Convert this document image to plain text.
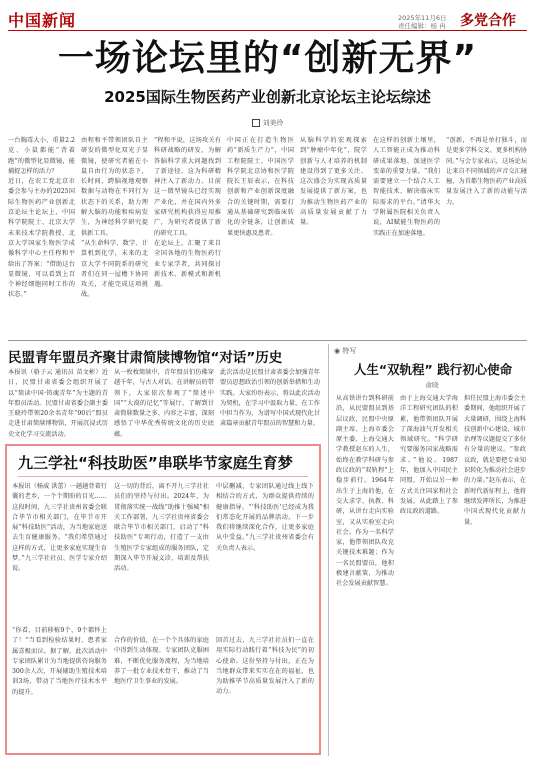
中国新闻	2025年11月6日
责任编辑：杨 冉 多党合作
一场论坛里的“创新无界”
2025国际生物医药产业创新北京论坛主论坛综述
刘美伶
一台胸毒大小、重量2.2克、小鼠都能“背着跑”的微型化显微镜，能捕捉怎样的活力？
近日，在农工党北京市委会参与主办的2025国际生物医药产业创新北京论坛主论坛上，中国科学院院士、北京大学未来技术学院教授、北京大学国家生物医学成像科学中心主任程和平给出了答案：“借助这台显微镜，可以看到上百个神经细胞同时工作的状态。”
由程和平带领团队自主研发的微型化双光子显微镜，使研究者能在小鼠自由行为的状态下，长时间、跨脑视地观察数据与动物在不同行为状态下的关系，助力理解大脑的功能和疾病发生，为神经科学研究提供新工具。
“从生命科学、数学、计算机到化学，未来的北京大学不同院系的研究者们在同一屋檐下协同攻关，才能完成这项挑战。
”程和平说，这场攻关有科研战略的研发，为解答脑科学重大问题找到了新途径，这为科研精神注入了新动力。目前这一微型镜头已经实现产业化，并在国内外多家研究机构获得应用推广，为研究者提供了新的研究工具。
在论坛上，汇聚了来自全国各地的生物医药行业专家学者，共同探讨新技术、新模式和新机遇。
中国正在打造生物医药“新质生产力”，中国工程院院士、中国医学科学院北京协和医学院院长王辰表示，在科技创新和产业创新深度融合的关键时期，需要打通从基础研究到临床转化的全链条，让创新成果更快惠及患者。
从脑科学的宏观探索到“肿瘤中年化”，院学创新与人才培养的机制建设得到了更多关注。这次盛会为实现高质量发展提供了新方案，也为推动生物医药产业的高质量发展贡献了力量。
在这样的创新土壤里，人工智能正成为推动科研成果落地、加速医学变革的重要力量。“我们需要建立一个结合人工智能技术、解决临床实际需求的平台。”清华大学附属医院相关负责人说，AI赋能生物医药的实践正在加速落地。
“创新，不再是单打独斗，而是更多学科交叉、更多机构协同。”与会专家表示，这场论坛让来自不同领域的声音交汇碰撞，为首都生物医药产业高质量发展注入了新的动能与活力。
民盟青年盟员齐聚甘肃简牍博物馆“对话”历史
本报讯（骆子云 通讯员 苗文彬）近日，民盟甘肃省委会组织开展了以“简读中国·铸魂青年”为主题的青年盟员活动。民盟甘肃省委会副主委王晓玲带领20余名青年“90后”盟员走进甘肃简牍博物馆，开展沉浸式历史文化学习交流活动。
从一枚枚简牍中，青年盟员们仿佛穿越千年，与古人对话。在讲解员的带领下，大家依次参观了“简述中国”“大漠的记忆”等展厅，了解到甘肃简牍数量之多、内容之丰富，深刻感悟了中华优秀传统文化的历史底蕴。
此次活动是民盟甘肃省委会加强青年盟员思想政治引领的创新举措和生动实践。大家纷纷表示，将以此次活动为契机，在学习中汲取力量，在工作中担当作为，为谱写中国式现代化甘肃篇章贡献青年盟员的智慧和力量。
九三学社“科技助医”串联毕节家庭生育梦
本报讯（杨威 洪蕾）一趟趟背着行囊的老乡，一个个期盼的目光……这段时间，九三学社贵州省委会联合毕节市相关部门，在毕节市开展“科技助医”活动，为当地家庭送去生育健康服务。“我们希望通过这样的方式，让更多家庭实现生育梦。”九三学社社员、医学专家介绍说。
“你看，目前移植9个、9个都怀上了！”当看到检验结果时，患者家属喜极而泣。据了解，此次活动中专家团队累计为当地提供咨询服务300余人次，开展辅助生殖技术培训3场，带动了当地医疗技术水平的提升。
这一切的背后，离不开九三学社社员们的坚持与付出。2024年，为贯彻落实统一战线“助推十强城”相关工作部署，九三学社贵州省委会联合毕节市相关部门，启动了“科技助医”专项行动，打造了一支由生殖医学专家组成的服务团队，定期深入毕节开展义诊、培训及帮扶活动。
合作的价值，在一个个具体的家庭中得到生动体现。专家团队克服困难，不断优化服务流程，为当地培养了一批专业技术骨干，推动了当地医疗卫生事业的发展。
中层删减，专家团队通过线上线下相结合的方式，为群众提供持续的健康指导。“‘科技助医’已经成为我们常态化开展的品牌活动，下一步我们将继续深化合作，让更多家庭从中受益。”九三学社贵州省委会有关负责人表示。
回首过去，九三学社社员们一直在用实际行动践行着“科技为民”的初心使命。这份坚持与付出，正在为当地群众带来实实在在的福祉，也为助推毕节高质量发展注入了新的动力。
◉ 特写
人生“双轨程” 践行初心使命
俞晓
从高铁讲台到科研前沿，从民盟盟员到基层议政，民盟中央原副主席、上海市委会原主委、上海交通大学教授赵东的人生，始终在教学科研与参政议政的“双轨程”上稳步前行。1964年出生于上海的他，在交大求学、执教、科研，从讲台走向实验室，又从实验室走向社会。作为一名科学家，他带领团队攻克关键技术难题；作为一名民盟盟员，他积极建言献策，为推动社会发展贡献智慧。
由于上海交通大学海洋工程研究团队的积累，他带领团队开展了深海油气开发相关领域研究。“科学研究要服务国家战略需求。”他说。1987年，他加入中国民主同盟，开始以另一种方式关注国家和社会发展，从此踏上了参政议政的道路。
担任民盟上海市委会主委期间，他组织开展了大量调研，围绕上海科技创新中心建设、城市治理等议题提交了多份有分量的建议。“参政议政，就是要把专业知识转化为推动社会进步的力量。”赵东表示，在新时代新征程上，他将继续发挥所长，为推进中国式现代化贡献力量。
